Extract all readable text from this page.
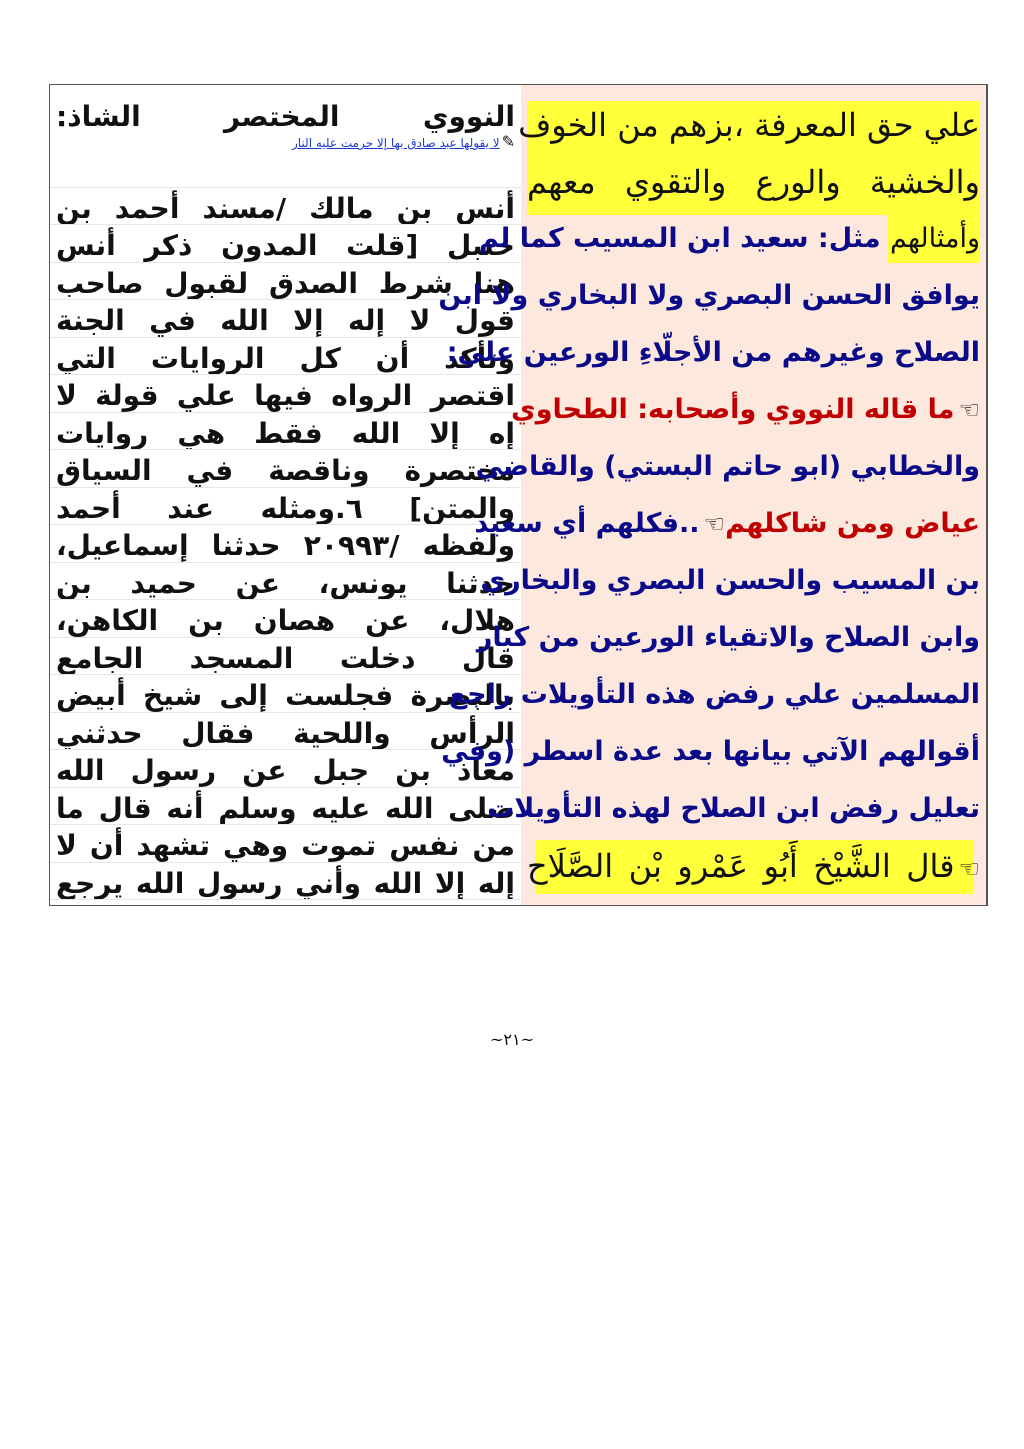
✎لا يقولها عبد صادق بها إلا حرمت عليه النار
النووي المختصر الشاذ:
أنس بن مالك /مسند أحمد بن
حنبل [قلت المدون ذكر أنس
هنا شرط الصدق لقبول صاحب
قول لا إله إلا الله في الجنة
وتأكد أن كل الروايات التي
اقتصر الرواه فيها علي قولة لا
إه إلا الله فقط هي روايات
مختصرة وناقصة في السياق
والمتن] ٦.ومثله عند أحمد
ولفظه /٢٠٩٩٣ حدثنا إسماعيل،
حدثنا يونس، عن حميد بن
هلال، عن هصان بن الكاهن،
قال دخلت المسجد الجامع
بالبصرة فجلست إلى شيخ أبيض
الرأس واللحية فقال حدثني
معاذ بن جبل عن رسول الله
صلى الله عليه وسلم أنه قال ما
من نفس تموت وهي تشهد أن لا
إله إلا الله وأني رسول الله يرجع
علي حق المعرفة ،بزهم من الخوف
والخشية والورع والتقوي معهم
وأمثالهم مثل: سعيد ابن المسيب كما لم
يوافق الحسن البصري ولا البخاري ولا ابن
الصلاح وغيرهم من الأجلّاءِ الورعين علي:
☜ما قاله النووي وأصحابه: الطحاوي
والخطابي (ابو حاتم البستي) والقاضي
عياض ومن شاكلهم☜..فكلهم أي سعيد
بن المسيب والحسن البصري والبخاري
وابن الصلاح والاتقياء الورعين من كبار
المسلمين علي رفض هذه التأويلات راجع
أقوالهم الآتي بيانها بعد عدة اسطر (وفي
تعليل رفض ابن الصلاح لهذه التأويلات
☜قال الشَّيْخ أَبُو عَمْرو بْن الصَّلَاح
~٢١~
